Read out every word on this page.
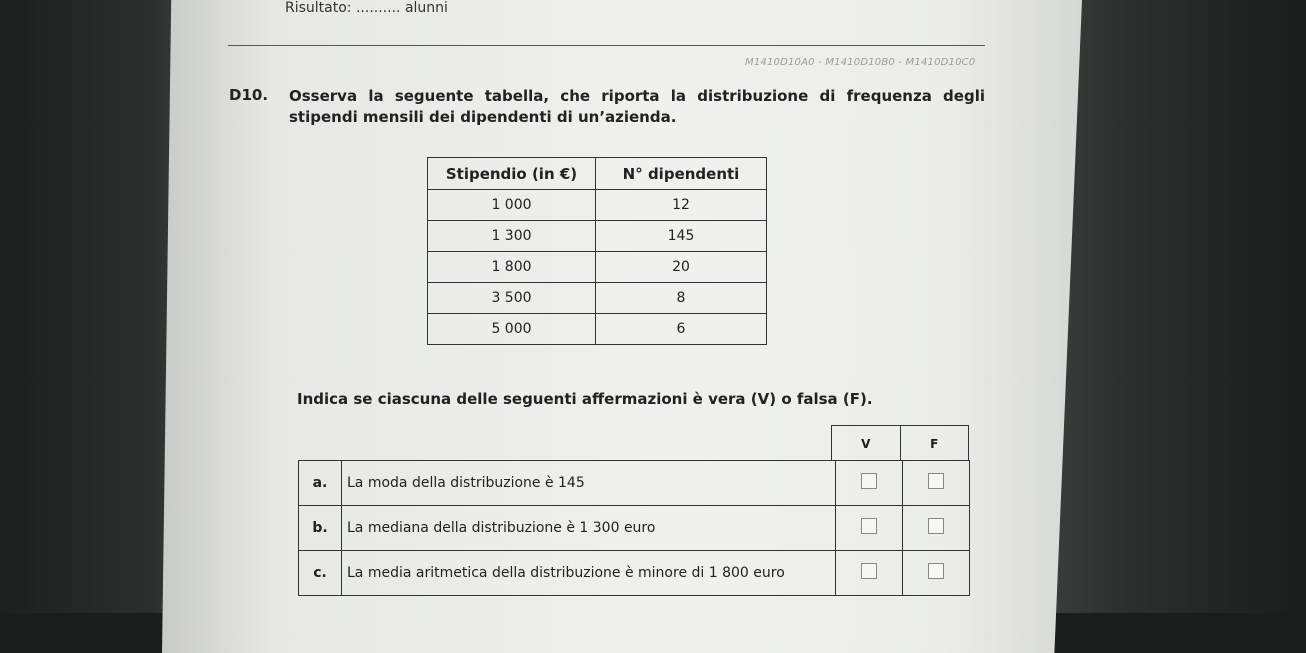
Risultato: .......... alunni
M1410D10A0 - M1410D10B0 - M1410D10C0
D10. Osserva la seguente tabella, che riporta la distribuzione di frequenza degli stipendi mensili dei dipendenti di un’azienda.
Stipendio (in €)	N° dipendenti
1 000	12
1 300	145
1 800	20
3 500	8
5 000	6
Indica se ciascuna delle seguenti affermazioni è vera (V) o falsa (F).
V	F
a.	La moda della distribuzione è 145		
b.	La mediana della distribuzione è 1 300 euro		
c.	La media aritmetica della distribuzione è minore di 1 800 euro		
